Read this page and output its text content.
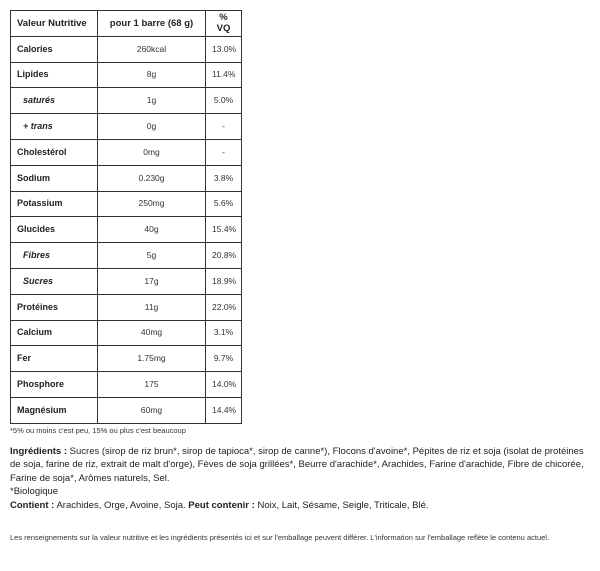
Valeur Nutritive	pour 1 barre (68 g)	% VQ
Calories	260kcal	13.0%
Lipides	8g	11.4%
saturés	1g	5.0%
+ trans	0g	-
Cholestérol	0mg	-
Sodium	0.230g	3.8%
Potassium	250mg	5.6%
Glucides	40g	15.4%
Fibres	5g	20.8%
Sucres	17g	18.9%
Protéines	11g	22.0%
Calcium	40mg	3.1%
Fer	1.75mg	9.7%
Phosphore	175	14.0%
Magnésium	60mg	14.4%
*5% ou moins c'est peu, 15% ou plus c'est beaucoup
Ingrédients : Sucres (sirop de riz brun*, sirop de tapioca*, sirop de canne*), Flocons d'avoine*, Pépites de riz et soja (isolat de protéines de soja, farine de riz, extrait de malt d'orge), Fèves de soja grillées*, Beurre d'arachide*, Arachides, Farine d'arachide, Fibre de chicorée, Farine de soja*, Arômes naturels, Sel.
*Biologique
Contient : Arachides, Orge, Avoine, Soja. Peut contenir : Noix, Lait, Sésame, Seigle, Triticale, Blé.
Les renseignements sur la valeur nutritive et les ingrédients présentés ici et sur l'emballage peuvent différer. L'information sur l'emballage reflète le contenu actuel.
